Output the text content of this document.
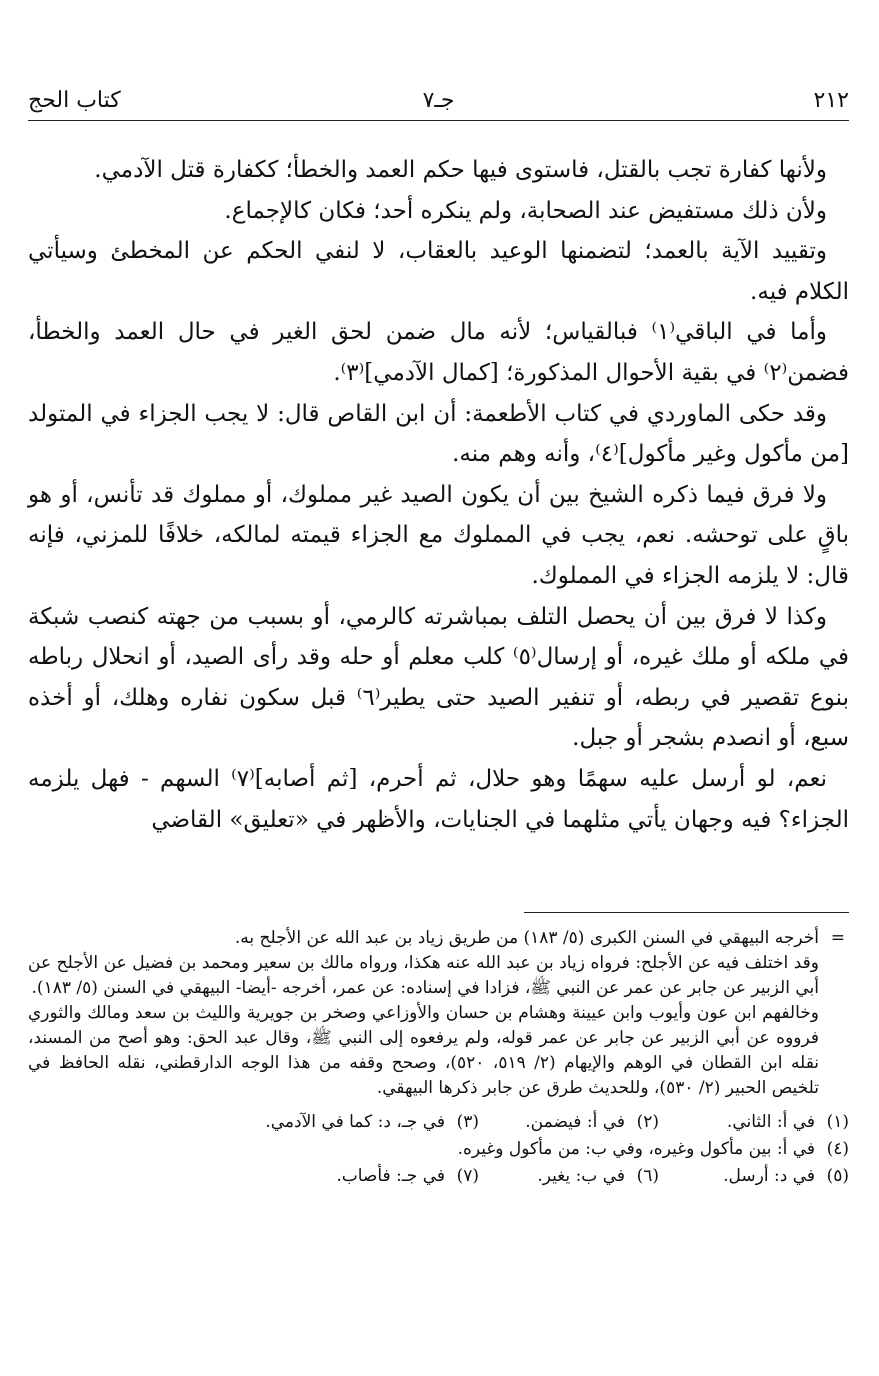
٢١٢
جـ٧
كتاب الحج

ولأنها كفارة تجب بالقتل، فاستوى فيها حكم العمد والخطأ؛ ككفارة قتل الآدمي.

ولأن ذلك مستفيض عند الصحابة، ولم ينكره أحد؛ فكان كالإجماع.

وتقييد الآية بالعمد؛ لتضمنها الوعيد بالعقاب، لا لنفي الحكم عن المخطئ وسيأتي الكلام فيه.

وأما في الباقي⁽١⁾ فبالقياس؛ لأنه مال ضمن لحق الغير في حال العمد والخطأ، فضمن⁽٢⁾ في بقية الأحوال المذكورة؛ [كمال الآدمي]⁽٣⁾.

وقد حكى الماوردي في كتاب الأطعمة: أن ابن القاص قال: لا يجب الجزاء في المتولد [من مأكول وغير مأكول]⁽٤⁾، وأنه وهم منه.

ولا فرق فيما ذكره الشيخ بين أن يكون الصيد غير مملوك، أو مملوك قد تأنس، أو هو باقٍ على توحشه. نعم، يجب في المملوك مع الجزاء قيمته لمالكه، خلافًا للمزني، فإنه قال: لا يلزمه الجزاء في المملوك.

وكذا لا فرق بين أن يحصل التلف بمباشرته كالرمي، أو بسبب من جهته كنصب شبكة في ملكه أو ملك غيره، أو إرسال⁽٥⁾ كلب معلم أو حله وقد رأى الصيد، أو انحلال رباطه بنوع تقصير في ربطه، أو تنفير الصيد حتى يطير⁽٦⁾ قبل سكون نفاره وهلك، أو أخذه سبع، أو انصدم بشجر أو جبل.

نعم، لو أرسل عليه سهمًا وهو حلال، ثم أحرم، [ثم أصابه]⁽٧⁾ السهم - فهل يلزمه الجزاء؟ فيه وجهان يأتي مثلهما في الجنايات، والأظهر في «تعليق» القاضي

=

أخرجه البيهقي في السنن الكبرى (٥/ ١٨٣) من طريق زياد بن عبد الله عن الأجلح به.

وقد اختلف فيه عن الأجلح: فرواه زياد بن عبد الله عنه هكذا، ورواه مالك بن سعير ومحمد بن فضيل عن الأجلح عن أبي الزبير عن جابر عن عمر عن النبي ﷺ، فزادا في إسناده: عن عمر، أخرجه -أيضا- البيهقي في السنن (٥/ ١٨٣).

وخالفهم ابن عون وأيوب وابن عيينة وهشام بن حسان والأوزاعي وصخر بن جويرية والليث بن سعد ومالك والثوري فرووه عن أبي الزبير عن جابر عن عمر قوله، ولم يرفعوه إلى النبي ﷺ، وقال عبد الحق: وهو أصح من المسند، نقله ابن القطان في الوهم والإيهام (٢/ ٥١٩، ٥٢٠)، وصحح وقفه من هذا الوجه الدارقطني، نقله الحافظ في تلخيص الحبير (٢/ ٥٣٠)، وللحديث طرق عن جابر ذكرها البيهقي.

(١)في أ: الثاني.
(٢)في أ: فيضمن.
(٣)في جـ، د: كما في الآدمي.
(٤)في أ: بين مأكول وغيره، وفي ب: من مأكول وغيره.
(٥)في د: أرسل.
(٦)في ب: يغير.
(٧)في جـ: فأصاب.
